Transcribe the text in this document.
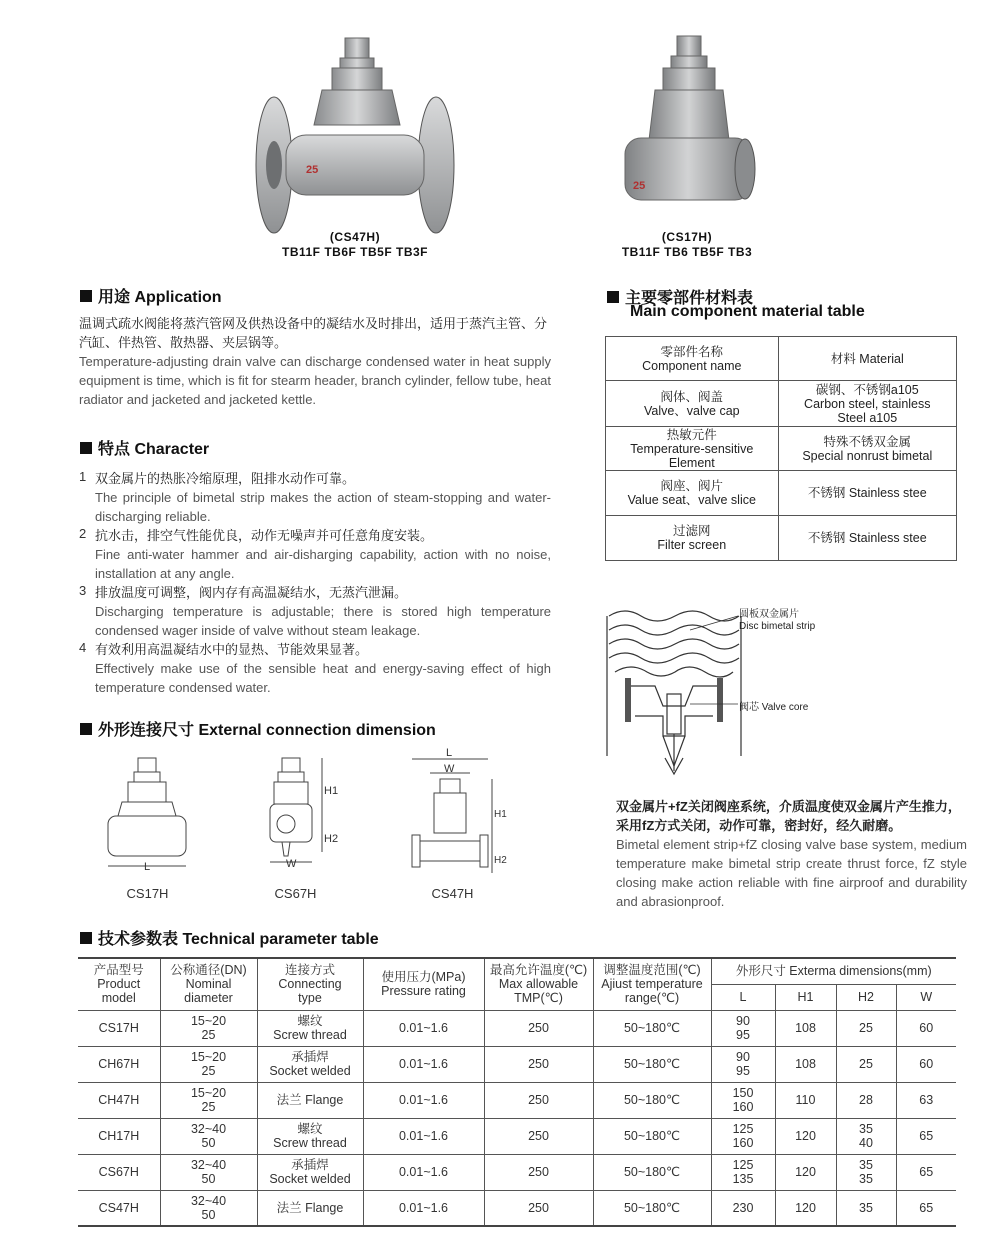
25
(CS47H)
TB11F TB6F TB5F TB3F
25
(CS17H)
TB11F TB6 TB5F TB3
用途 Application
温调式疏水阀能将蒸汽管网及供热设备中的凝结水及时排出，适用于蒸汽主管、分汽缸、伴热管、散热器、夹层锅等。
Temperature-adjusting drain valve can discharge condensed water in heat supply equipment is time, which is fit for stearm header, branch cylinder, fellow tube, heat radiator and jacketed and jacketed kettle.
特点 Character
1 双金属片的热胀冷缩原理，阻排水动作可靠。
The principle of bimetal strip makes the action of steam-stopping and water-discharging reliable.
2 抗水击，排空气性能优良，动作无噪声并可任意角度安装。
Fine anti-water hammer and air-disharging capability, action with no noise, installation at any angle.
3 排放温度可调整，阀内存有高温凝结水，无蒸汽泄漏。
Discharging temperature is adjustable; there is stored high temperature condensed wager inside of valve without steam leakage.
4 有效利用高温凝结水中的显热、节能效果显著。
Effectively make use of the sensible heat and energy-saving effect of high temperature condensed water.
外形连接尺寸 External connection dimension
L
CS17H
H1
H2
W
CS67H
L
W
H1
H2
CS47H
主要零部件材料表
Main component material table
零部件名称
Component name	材料 Material

阀体、阀盖
Valve、valve cap	碳钢、不锈钢a105
Carbon steel, stainless
Steel a105

热敏元件
Temperature-sensitive
Element	特殊不锈双金属
Special nonrust bimetal

阀座、阀片
Value seat、valve slice	不锈钢 Stainless stee

过滤网
Filter screen	不锈钢 Stainless stee
圆板双金属片
Disc bimetal strip
阀芯 Valve core
双金属片+fZ关闭阀座系统，介质温度使双金属片产生推力，采用fZ方式关闭，动作可靠，密封好，经久耐磨。
Bimetal element strip+fZ closing valve base system, medium temperature make bimetal strip create thrust force, fZ style closing make action reliable with fine airproof and durability and abrasionproof.
技术参数表 Technical parameter table
产品型号
Product
model	公称通径(DN)
Nominal
diameter	连接方式
Connecting
type	使用压力(MPa)
Pressure rating	最高允许温度(℃)
Max allowable
TMP(℃)	调整温度范围(℃)
Ajiust temperature
range(℃)	外形尺寸 Exterma dimensions(mm)			
						L	H1	H2	W

CS17H	15~20
25	螺纹
Screw thread	0.01~1.6	250	50~180℃	90
95	108	25	60

CH67H	15~20
25	承插焊
Socket welded	0.01~1.6	250	50~180℃	90
95	108	25	60

CH47H	15~20
25	法兰 Flange	0.01~1.6	250	50~180℃	150
160	110	28	63

CH17H	32~40
50	螺纹
Screw thread	0.01~1.6	250	50~180℃	125
160	120	35
40	65

CS67H	32~40
50	承插焊
Socket welded	0.01~1.6	250	50~180℃	125
135	120	35
35	65

CS47H	32~40
50	法兰 Flange	0.01~1.6	250	50~180℃	230	120	35	65
